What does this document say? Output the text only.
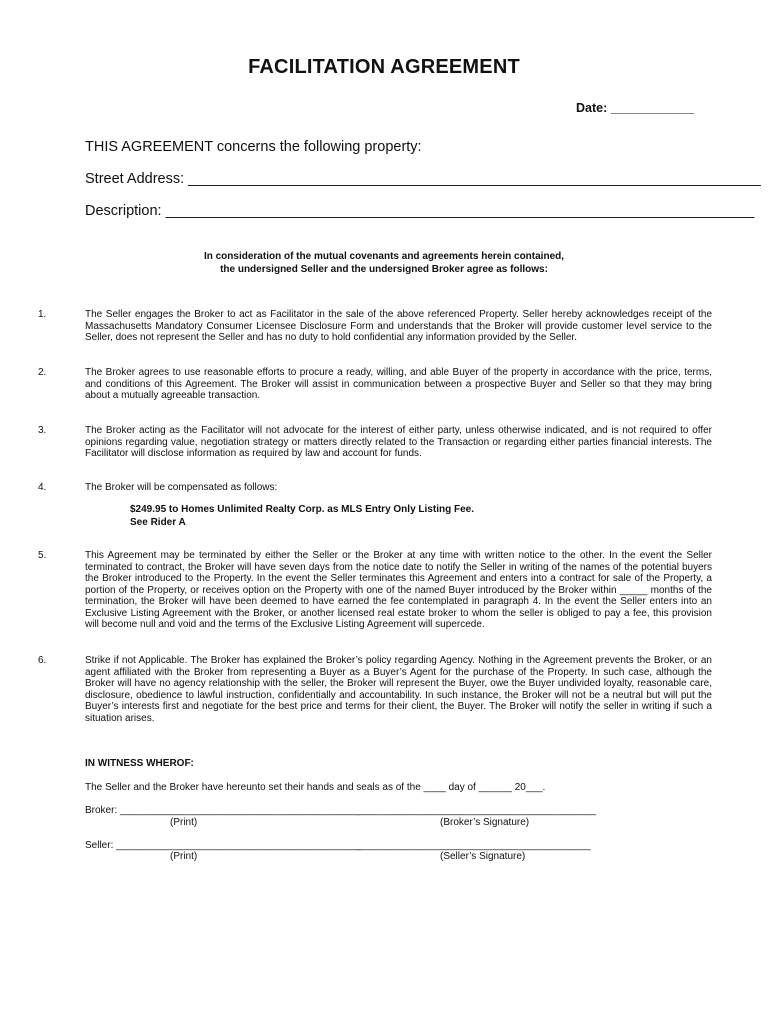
FACILITATION AGREEMENT
Date: ____________
THIS AGREEMENT concerns the following property:
Street Address: _______________________________________________________________________
Description: _________________________________________________________________________
In consideration of the mutual covenants and agreements herein contained,
the undersigned Seller and the undersigned Broker agree as follows:
1.	The Seller engages the Broker to act as Facilitator in the sale of the above referenced Property. Seller hereby acknowledges receipt of the Massachusetts Mandatory Consumer Licensee Disclosure Form and understands that the Broker will provide customer level service to the Seller, does not represent the Seller and has no duty to hold confidential any information provided by the Seller.
2.	The Broker agrees to use reasonable efforts to procure a ready, willing, and able Buyer of the property in accordance with the price, terms, and conditions of this Agreement. The Broker will assist in communication between a prospective Buyer and Seller so that they may bring about a mutually agreeable transaction.
3.	The Broker acting as the Facilitator will not advocate for the interest of either party, unless otherwise indicated, and is not required to offer opinions regarding value, negotiation strategy or matters directly related to the Transaction or regarding either parties financial interests. The Facilitator will disclose information as required by law and account for funds.
4.	The Broker will be compensated as follows:
$249.95 to Homes Unlimited Realty Corp. as MLS Entry Only Listing Fee.
See Rider A
5.	This Agreement may be terminated by either the Seller or the Broker at any time with written notice to the other. In the event the Seller terminated to contract, the Broker will have seven days from the notice date to notify the Seller in writing of the names of the potential buyers the Broker introduced to the Property. In the event the Seller terminates this Agreement and enters into a contract for sale of the Property, a portion of the Property, or receives option on the Property with one of the named Buyer introduced by the Broker within _____ months of the termination, the Broker will have been deemed to have earned the fee contemplated in paragraph 4. In the event the Seller enters into an Exclusive Listing Agreement with the Broker, or another licensed real estate broker to whom the seller is obliged to pay a fee, this provision will become null and void and the terms of the Exclusive Listing Agreement will supercede.
6.	Strike if not Applicable. The Broker has explained the Broker’s policy regarding Agency. Nothing in the Agreement prevents the Broker, or an agent affiliated with the Broker from representing a Buyer as a Buyer’s Agent for the purchase of the Property. In such case, although the Broker will have no agency relationship with the seller, the Broker will represent the Buyer, owe the Buyer undivided loyalty, reasonable care, disclosure, obedience to lawful instruction, confidentially and accountability. In such instance, the Broker will not be a neutral but will put the Buyer’s interests first and negotiate for the best price and terms for their client, the Buyer. The Broker will notify the seller in writing if such a situation arises.
IN WITNESS WHEROF:
The Seller and the Broker have hereunto set their hands and seals as of the ____ day of ______ 20___.
Broker: ___________________________________________
___________________________________________
(Print)	(Broker’s Signature)
Seller: ____________________________________________
__________________________________________
(Print)	(Seller’s Signature)
